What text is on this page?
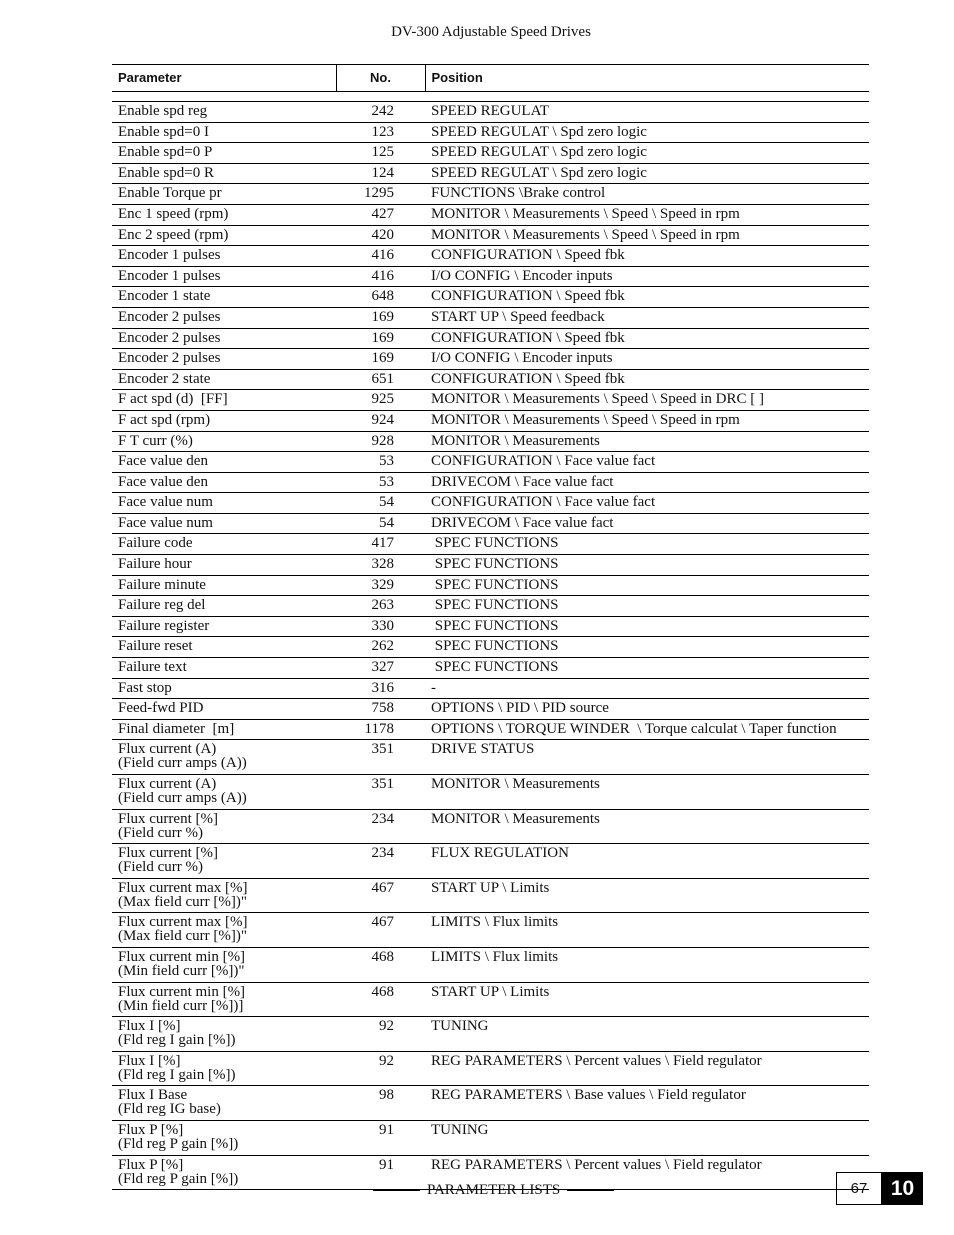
DV-300 Adjustable Speed Drives
Parameter	No.	Position

Enable spd reg	242	SPEED REGULAT
Enable spd=0 I	123	SPEED REGULAT \ Spd zero logic
Enable spd=0 P	125	SPEED REGULAT \ Spd zero logic
Enable spd=0 R	124	SPEED REGULAT \ Spd zero logic
Enable Torque pr	1295	FUNCTIONS \Brake control
Enc 1 speed (rpm)	427	MONITOR \ Measurements \ Speed \ Speed in rpm
Enc 2 speed (rpm)	420	MONITOR \ Measurements \ Speed \ Speed in rpm
Encoder 1 pulses	416	CONFIGURATION \ Speed fbk
Encoder 1 pulses	416	I/O CONFIG \ Encoder inputs
Encoder 1 state	648	CONFIGURATION \ Speed fbk
Encoder 2 pulses	169	START UP \ Speed feedback
Encoder 2 pulses	169	CONFIGURATION \ Speed fbk
Encoder 2 pulses	169	I/O CONFIG \ Encoder inputs
Encoder 2 state	651	CONFIGURATION \ Speed fbk
F act spd (d)  [FF]	925	MONITOR \ Measurements \ Speed \ Speed in DRC [ ]
F act spd (rpm)	924	MONITOR \ Measurements \ Speed \ Speed in rpm
F T curr (%)	928	MONITOR \ Measurements
Face value den	53	CONFIGURATION \ Face value fact
Face value den	53	DRIVECOM \ Face value fact
Face value num	54	CONFIGURATION \ Face value fact
Face value num	54	DRIVECOM \ Face value fact
Failure code	417	SPEC FUNCTIONS
Failure hour	328	SPEC FUNCTIONS
Failure minute	329	SPEC FUNCTIONS
Failure reg del	263	SPEC FUNCTIONS
Failure register	330	SPEC FUNCTIONS
Failure reset	262	SPEC FUNCTIONS
Failure text	327	SPEC FUNCTIONS
Fast stop	316	-
Feed-fwd PID	758	OPTIONS \ PID \ PID source
Final diameter  [m]	1178	OPTIONS \ TORQUE WINDER  \ Torque calculat \ Taper function
Flux current (A)
(Field curr amps (A))	351	DRIVE STATUS
Flux current (A)
(Field curr amps (A))	351	MONITOR \ Measurements
Flux current [%]
(Field curr %)	234	MONITOR \ Measurements
Flux current [%]
(Field curr %)	234	FLUX REGULATION
Flux current max [%]
(Max field curr [%])"	467	START UP \ Limits
Flux current max [%]
(Max field curr [%])"	467	LIMITS \ Flux limits
Flux current min [%]
(Min field curr [%])"	468	LIMITS \ Flux limits
Flux current min [%]
(Min field curr [%])]	468	START UP \ Limits
Flux I [%]
(Fld reg I gain [%])	92	TUNING
Flux I [%]
(Fld reg I gain [%])	92	REG PARAMETERS \ Percent values \ Field regulator
Flux I Base
(Fld reg IG base)	98	REG PARAMETERS \ Base values \ Field regulator
Flux P [%]
(Fld reg P gain [%])	91	TUNING
Flux P [%]
(Fld reg P gain [%])	91	REG PARAMETERS \ Percent values \ Field regulator
PARAMETER LISTS	67	10
